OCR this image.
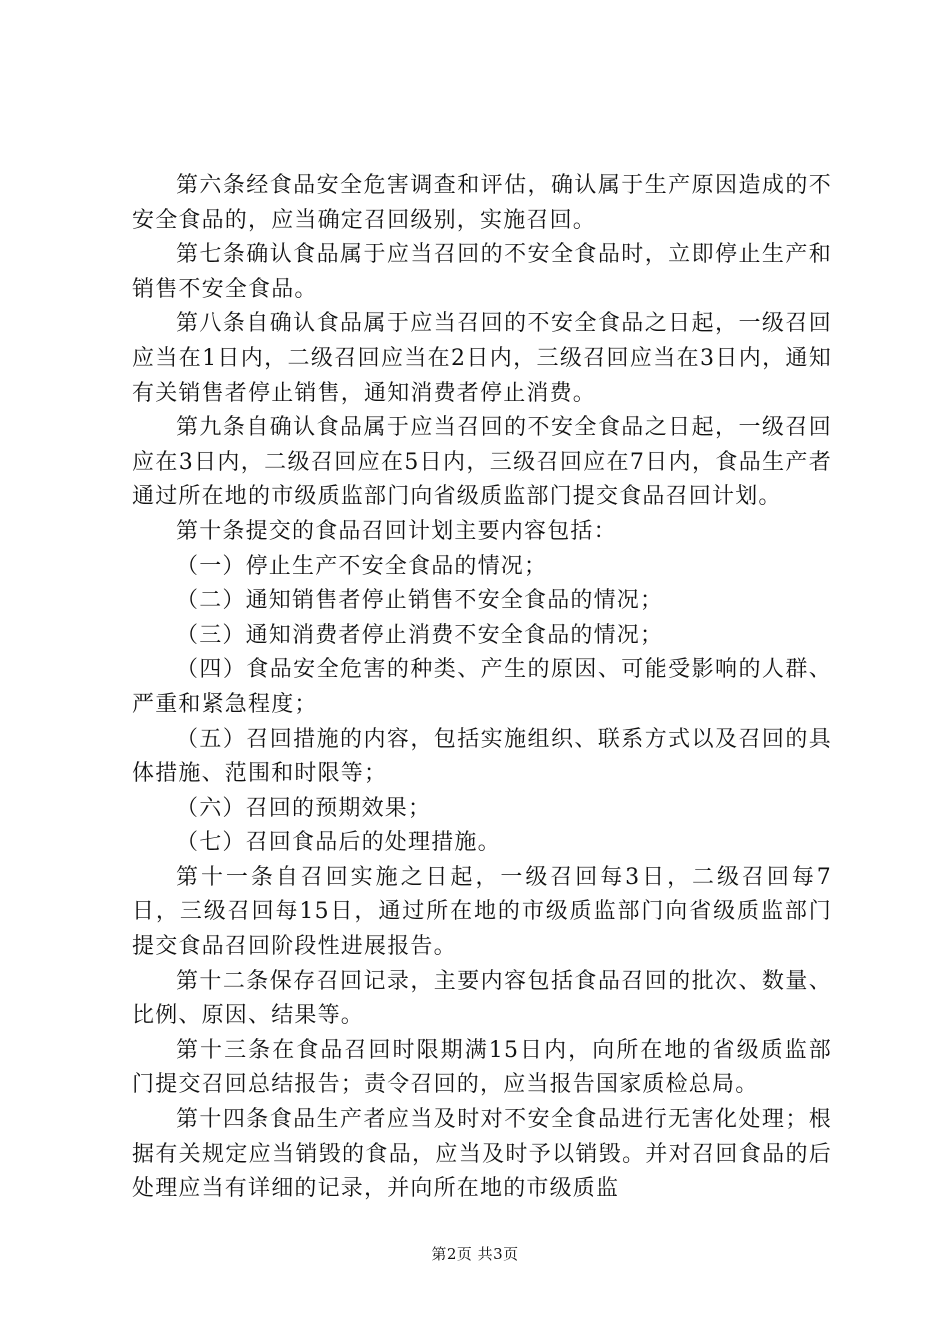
第六条经食品安全危害调查和评估，确认属于生产原因造成的不安全食品的，应当确定召回级别，实施召回。

第七条确认食品属于应当召回的不安全食品时，立即停止生产和销售不安全食品。

第八条自确认食品属于应当召回的不安全食品之日起，一级召回应当在1日内，二级召回应当在2日内，三级召回应当在3日内，通知有关销售者停止销售，通知消费者停止消费。

第九条自确认食品属于应当召回的不安全食品之日起，一级召回应在3日内，二级召回应在5日内，三级召回应在7日内，食品生产者通过所在地的市级质监部门向省级质监部门提交食品召回计划。

第十条提交的食品召回计划主要内容包括：

（一）停止生产不安全食品的情况；

（二）通知销售者停止销售不安全食品的情况；

（三）通知消费者停止消费不安全食品的情况；

（四）食品安全危害的种类、产生的原因、可能受影响的人群、严重和紧急程度；

（五）召回措施的内容，包括实施组织、联系方式以及召回的具体措施、范围和时限等；

（六）召回的预期效果；

（七）召回食品后的处理措施。

第十一条自召回实施之日起，一级召回每3日，二级召回每7日，三级召回每15日，通过所在地的市级质监部门向省级质监部门提交食品召回阶段性进展报告。

第十二条保存召回记录，主要内容包括食品召回的批次、数量、比例、原因、结果等。

第十三条在食品召回时限期满15日内，向所在地的省级质监部门提交召回总结报告；责令召回的，应当报告国家质检总局。

第十四条食品生产者应当及时对不安全食品进行无害化处理；根据有关规定应当销毁的食品，应当及时予以销毁。并对召回食品的后处理应当有详细的记录，并向所在地的市级质监

第2页 共3页
